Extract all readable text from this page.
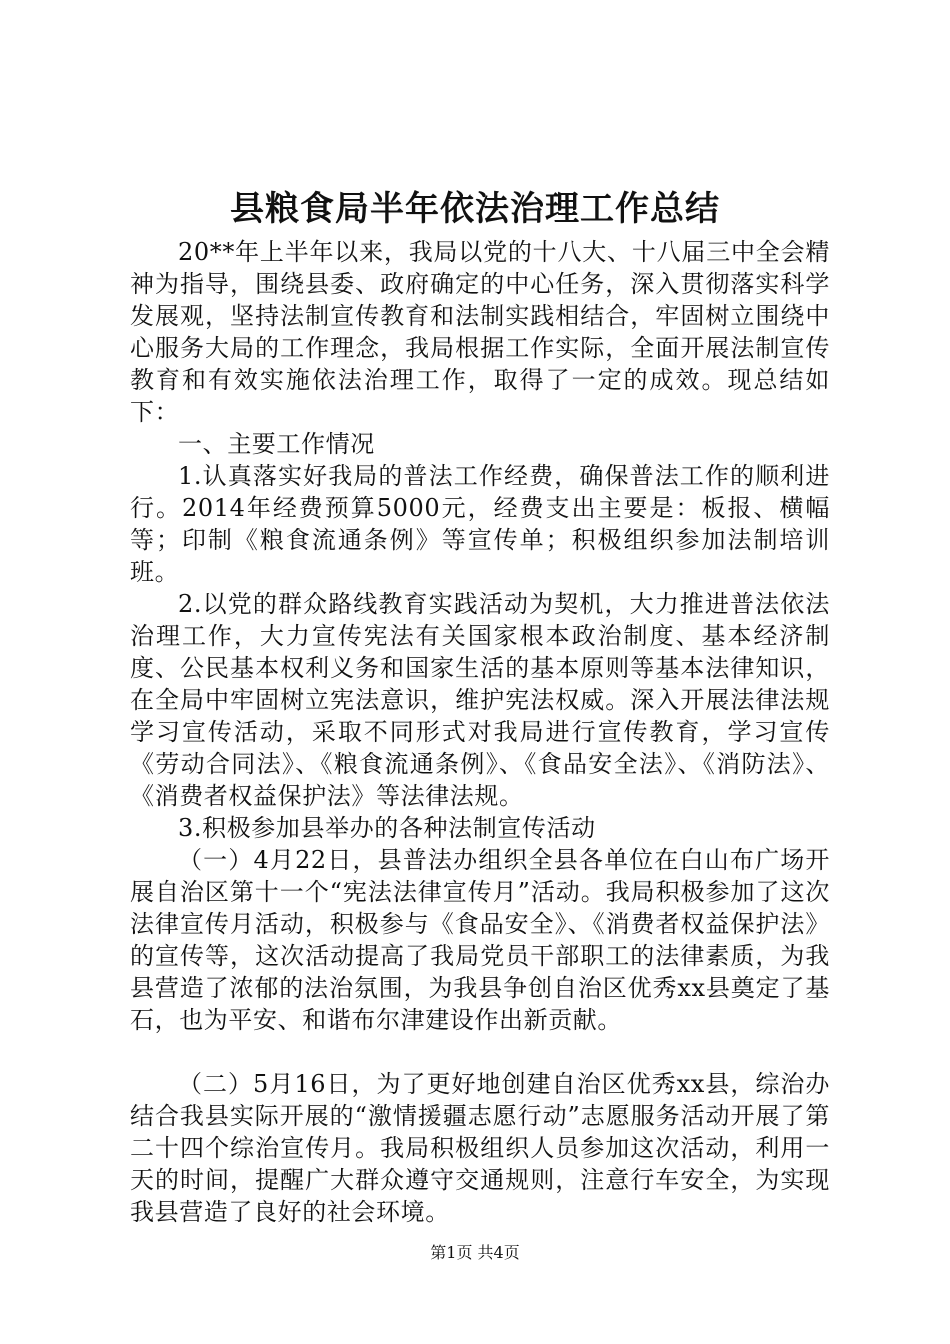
县粮食局半年依法治理工作总结

20**年上半年以来，我局以党的十八大、十八届三中全会精神为指导，围绕县委、政府确定的中心任务，深入贯彻落实科学发展观，坚持法制宣传教育和法制实践相结合，牢固树立围绕中心服务大局的工作理念，我局根据工作实际，全面开展法制宣传教育和有效实施依法治理工作，取得了一定的成效。现总结如下：

一、主要工作情况

1.认真落实好我局的普法工作经费，确保普法工作的顺利进行。2014年经费预算5000元，经费支出主要是：板报、横幅等；印制《粮食流通条例》等宣传单；积极组织参加法制培训班。

2.以党的群众路线教育实践活动为契机，大力推进普法依法治理工作，大力宣传宪法有关国家根本政治制度、基本经济制度、公民基本权利义务和国家生活的基本原则等基本法律知识，在全局中牢固树立宪法意识，维护宪法权威。深入开展法律法规学习宣传活动，采取不同形式对我局进行宣传教育，学习宣传《劳动合同法》、《粮食流通条例》、《食品安全法》、《消防法》、《消费者权益保护法》等法律法规。

3.积极参加县举办的各种法制宣传活动

（一）4月22日，县普法办组织全县各单位在白山布广场开展自治区第十一个“宪法法律宣传月”活动。我局积极参加了这次法律宣传月活动，积极参与《食品安全》、《消费者权益保护法》的宣传等，这次活动提高了我局党员干部职工的法律素质，为我县营造了浓郁的法治氛围，为我县争创自治区优秀xx县奠定了基石，也为平安、和谐布尔津建设作出新贡献。

（二）5月16日，为了更好地创建自治区优秀xx县，综治办结合我县实际开展的“激情援疆志愿行动”志愿服务活动开展了第二十四个综治宣传月。我局积极组织人员参加这次活动，利用一天的时间，提醒广大群众遵守交通规则，注意行车安全，为实现我县营造了良好的社会环境。

第1页 共4页
